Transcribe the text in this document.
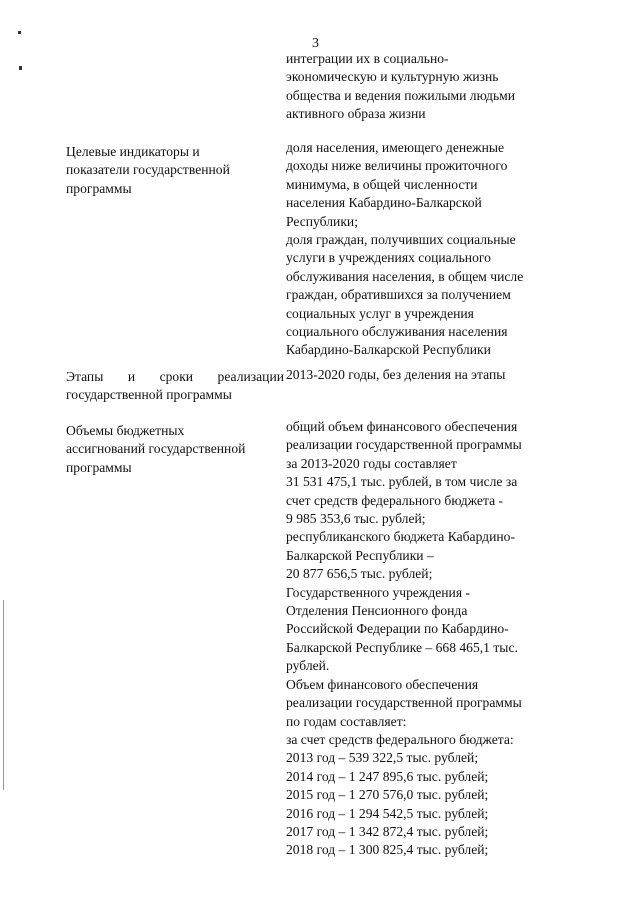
3
интеграции их в социально-
экономическую и культурную жизнь
общества и ведения пожилыми людьми
активного образа жизни
Целевые индикаторы и
показатели государственной
программы
доля населения, имеющего денежные
доходы ниже величины прожиточного
минимума, в общей численности
населения Кабардино-Балкарской
Республики;
доля граждан, получивших социальные
услуги в учреждениях социального
обслуживания населения, в общем числе
граждан, обратившихся за получением
социальных услуг в учреждения
социального обслуживания населения
Кабардино-Балкарской Республики
Этапы и сроки реализации
государственной программы
2013-2020 годы, без деления на этапы
Объемы бюджетных
ассигнований государственной
программы
общий объем финансового обеспечения
реализации государственной программы
за 2013-2020 годы составляет
31 531 475,1 тыс. рублей, в том числе за
счет средств федерального бюджета -
9 985 353,6 тыс. рублей;
республиканского бюджета Кабардино-
Балкарской Республики –
20 877 656,5 тыс. рублей;
Государственного учреждения -
Отделения Пенсионного фонда
Российской Федерации по Кабардино-
Балкарской Республике – 668 465,1 тыс.
рублей.
Объем финансового обеспечения
реализации государственной программы
по годам составляет:
за счет средств федерального бюджета:
2013 год – 539 322,5 тыс. рублей;
2014 год – 1 247 895,6 тыс. рублей;
2015 год – 1 270 576,0 тыс. рублей;
2016 год – 1 294 542,5 тыс. рублей;
2017 год – 1 342 872,4 тыс. рублей;
2018 год – 1 300 825,4 тыс. рублей;
